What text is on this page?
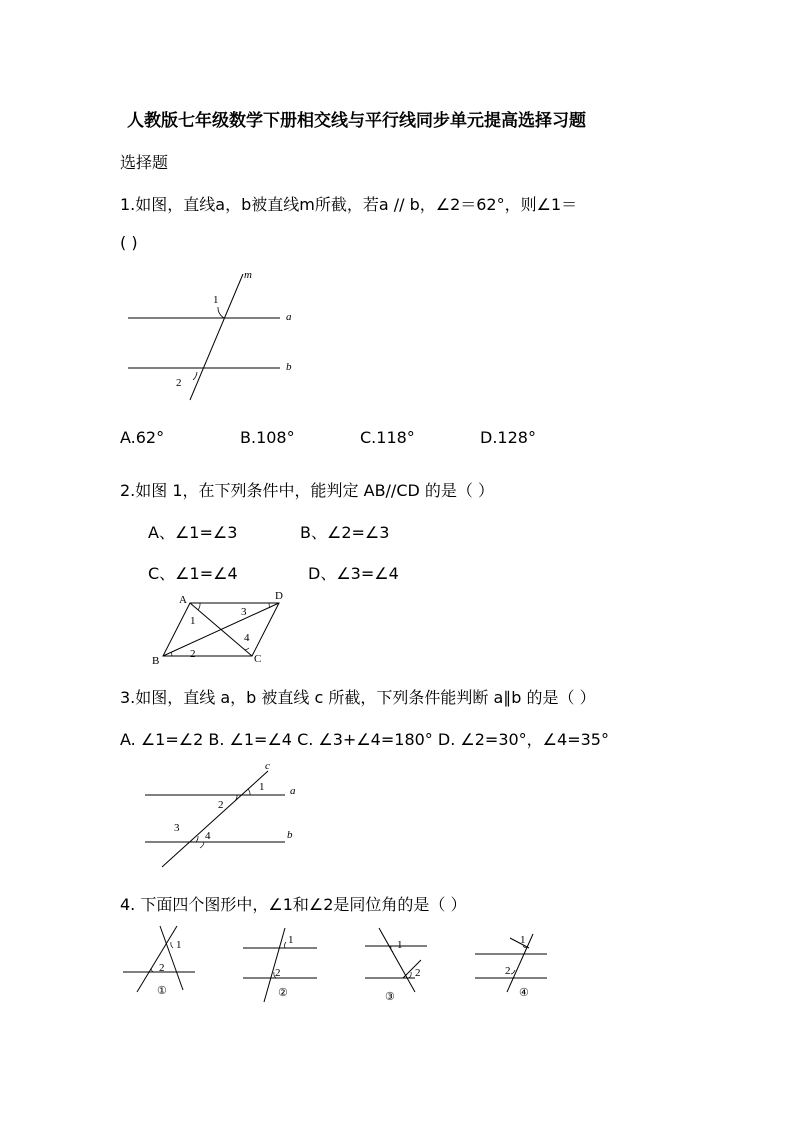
人教版七年级数学下册相交线与平行线同步单元提高选择习题
选择题
1.如图，直线a，b被直线m所截，若a // b，∠2＝62°，则∠1＝
( )
m
a
b
1
2
A.62°	B.108°	C.118°	D.128°
2.如图 1，在下列条件中，能判定 AB//CD 的是（ ）
A、∠1=∠3	B、∠2=∠3
C、∠1=∠4	D、∠3=∠4
A	D
B	C
1
2
3
4
3.如图，直线 a，b 被直线 c 所截，下列条件能判断 a∥b 的是（ ）
A. ∠1=∠2 B. ∠1=∠4 C. ∠3+∠4=180° D. ∠2=30°，∠4=35°
c
a
b
1
2
3
4
4. 下面四个图形中，∠1和∠2是同位角的是（ ）
1
2
①
1
2
②
1
2
③
1
2
④
